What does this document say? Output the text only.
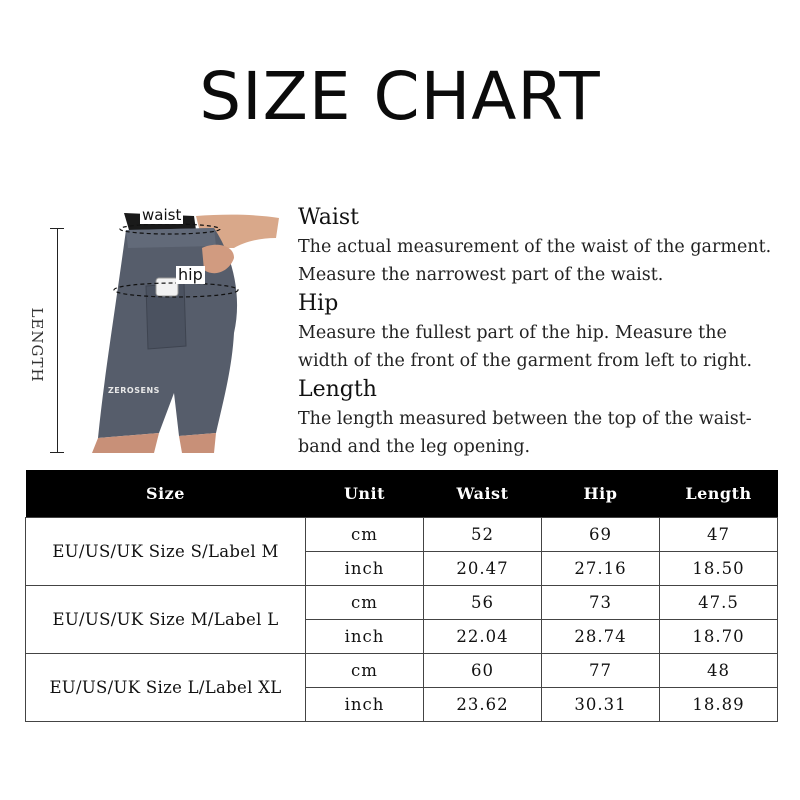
SIZE CHART
LENGTH
waist
hip
ZEROSENS

Waist

The actual measurement of the waist of the garment.

Measure the narrowest part of the waist.

Hip

Measure the fullest part of the hip. Measure the

width of the front of the garment from left to right.

Length

The length measured between the top of the waist-

band and the leg opening.

Size	Unit	Waist	Hip	Length
EU/US/UK Size S/Label M	cm	52	69	47
	inch	20.47	27.16	18.50
EU/US/UK Size M/Label L	cm	56	73	47.5
	inch	22.04	28.74	18.70
EU/US/UK Size L/Label XL	cm	60	77	48
	inch	23.62	30.31	18.89
